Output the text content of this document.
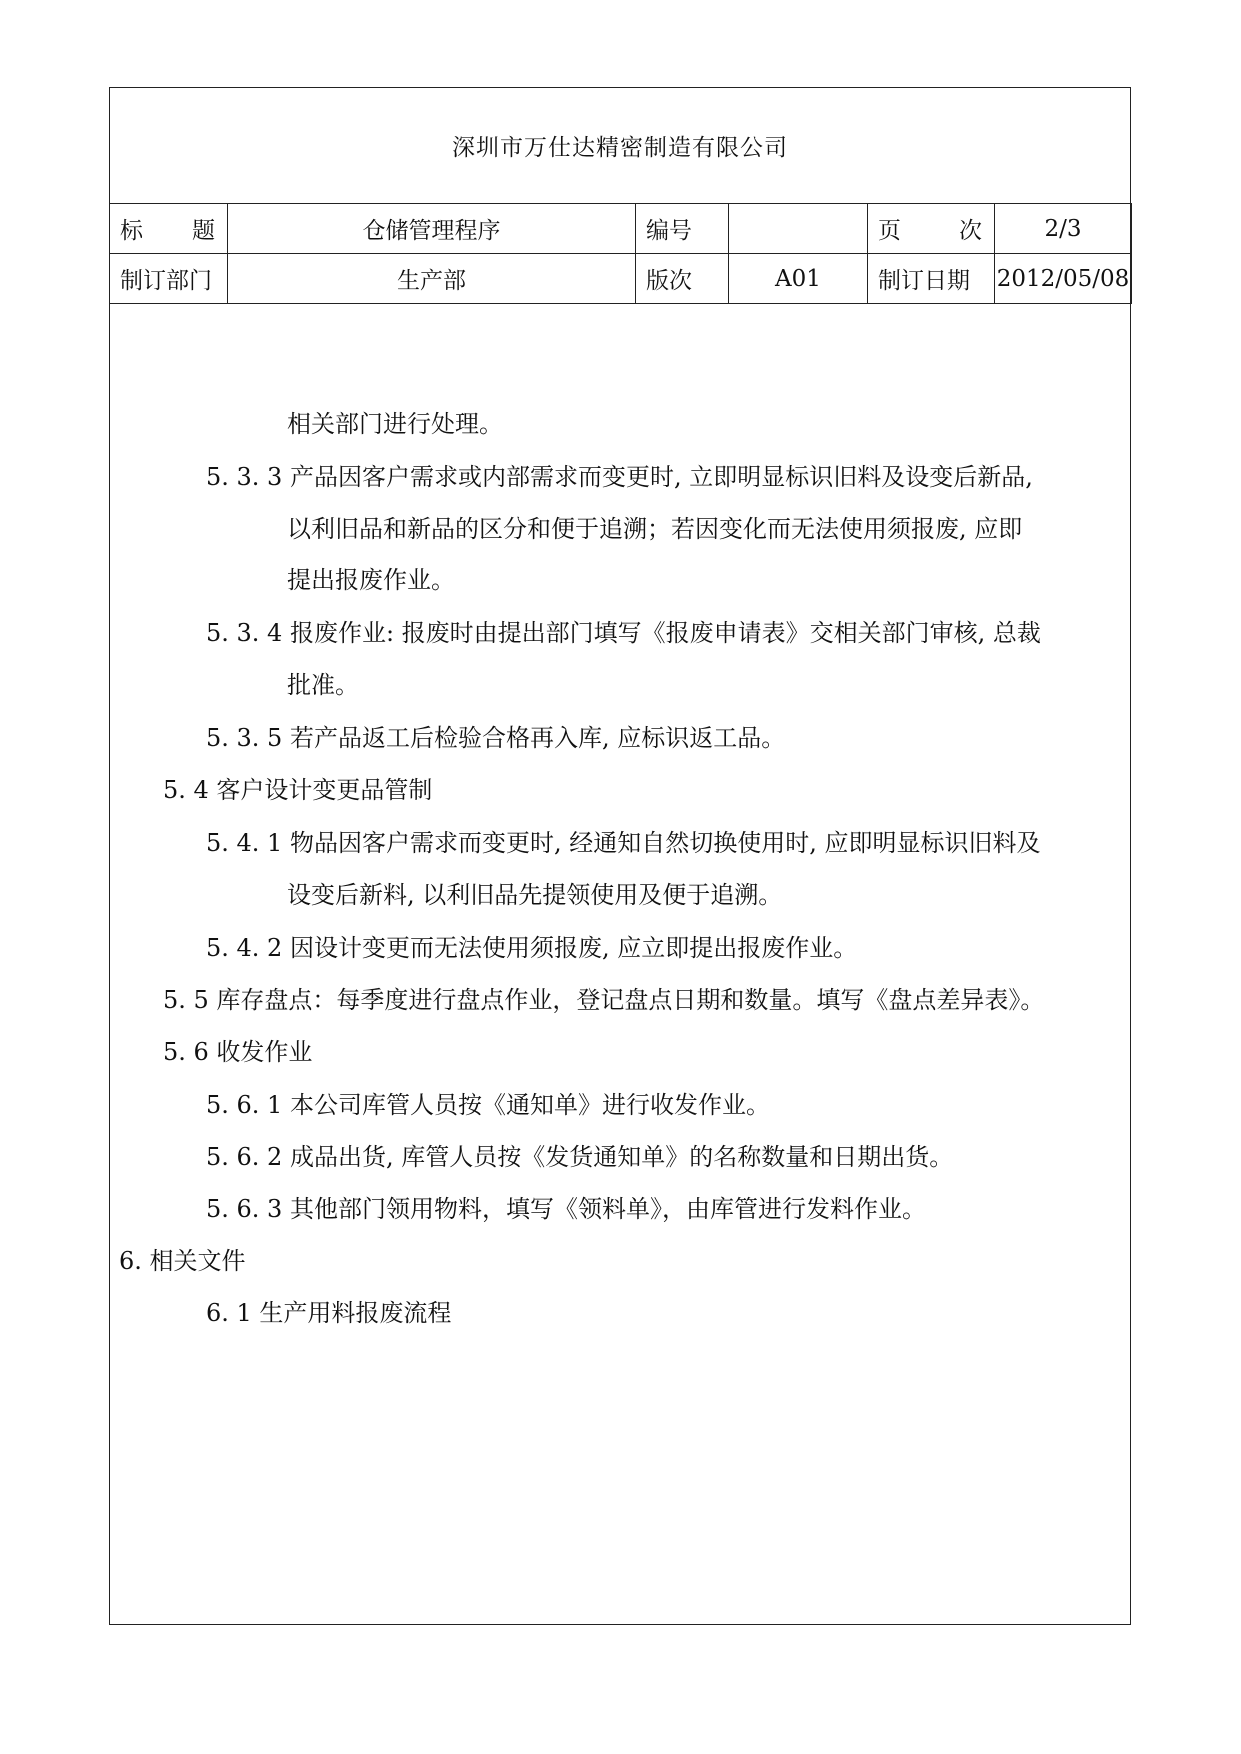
深圳市万仕达精密制造有限公司
标 题	仓储管理程序	编号		页 次	2/3
制订部门	生产部	版次	A01	制订日期	2012/05/08
相关部门进行处理。
5. 3. 3 产品因客户需求或内部需求而变更时, 立即明显标识旧料及设变后新品,
以利旧品和新品的区分和便于追溯；若因变化而无法使用须报废, 应即
提出报废作业。
5. 3. 4 报废作业: 报废时由提出部门填写《报废申请表》交相关部门审核, 总裁
批准。
5. 3. 5 若产品返工后检验合格再入库, 应标识返工品。
5. 4 客户设计变更品管制
5. 4. 1 物品因客户需求而变更时, 经通知自然切换使用时, 应即明显标识旧料及
设变后新料, 以利旧品先提领使用及便于追溯。
5. 4. 2 因设计变更而无法使用须报废, 应立即提出报废作业。
5. 5 库存盘点：每季度进行盘点作业，登记盘点日期和数量。填写《盘点差异表》。
5. 6 收发作业
5. 6. 1 本公司库管人员按《通知单》进行收发作业。
5. 6. 2 成品出货, 库管人员按《发货通知单》的名称数量和日期出货。
5. 6. 3 其他部门领用物料，填写《领料单》，由库管进行发料作业。
6. 相关文件
6. 1 生产用料报废流程
